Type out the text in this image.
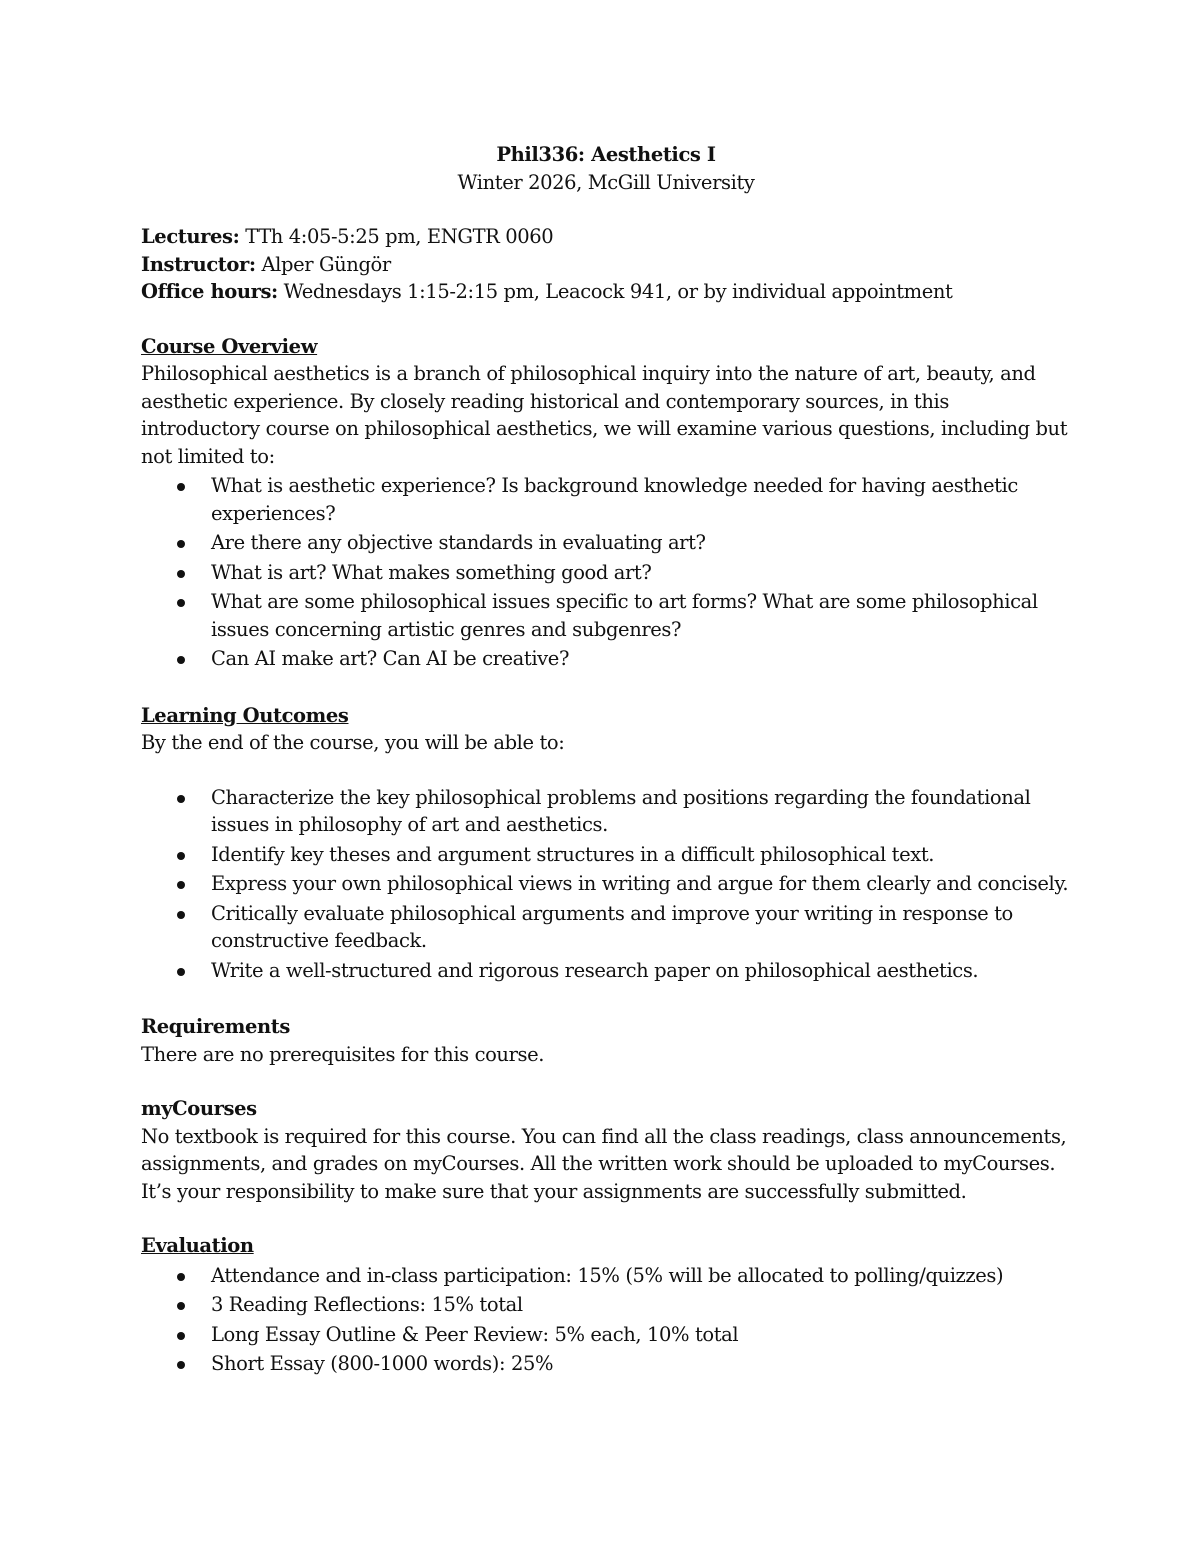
Phil336: Aesthetics I
Winter 2026, McGill University
Lectures: TTh 4:05-5:25 pm, ENGTR 0060
Instructor: Alper Güngör
Office hours: Wednesdays 1:15-2:15 pm, Leacock 941, or by individual appointment
Course Overview

Philosophical aesthetics is a branch of philosophical inquiry into the nature of art, beauty, and aesthetic experience. By closely reading historical and contemporary sources, in this introductory course on philosophical aesthetics, we will examine various questions, including but not limited to:

What is aesthetic experience? Is background knowledge needed for having aesthetic experiences?
Are there any objective standards in evaluating art?
What is art? What makes something good art?
What are some philosophical issues specific to art forms? What are some philosophical issues concerning artistic genres and subgenres?
Can AI make art? Can AI be creative?
Learning Outcomes

By the end of the course, you will be able to:

Characterize the key philosophical problems and positions regarding the foundational issues in philosophy of art and aesthetics.
Identify key theses and argument structures in a difficult philosophical text.
Express your own philosophical views in writing and argue for them clearly and concisely.
Critically evaluate philosophical arguments and improve your writing in response to constructive feedback.
Write a well-structured and rigorous research paper on philosophical aesthetics.
Requirements

There are no prerequisites for this course.

myCourses

No textbook is required for this course. You can find all the class readings, class announcements, assignments, and grades on myCourses. All the written work should be uploaded to myCourses. It’s your responsibility to make sure that your assignments are successfully submitted.

Evaluation
Attendance and in-class participation: 15% (5% will be allocated to polling/quizzes)
3 Reading Reflections: 15% total
Long Essay Outline & Peer Review: 5% each, 10% total
Short Essay (800-1000 words): 25%
